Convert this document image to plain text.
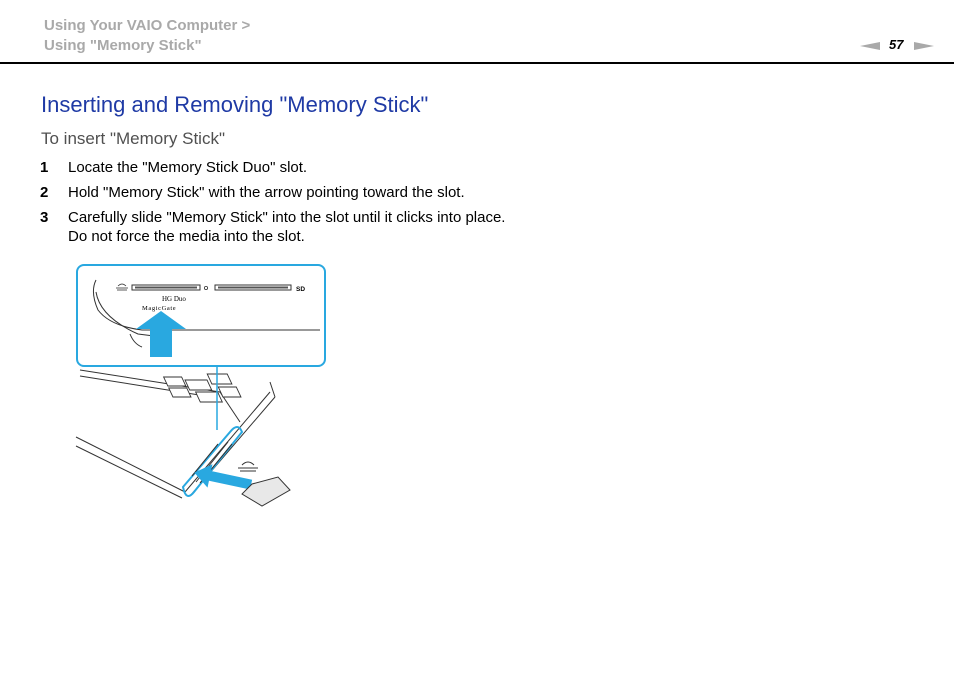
Using Your VAIO Computer >
Using "Memory Stick"	57
Inserting and Removing "Memory Stick"
To insert "Memory Stick"
1 Locate the "Memory Stick Duo" slot.
2 Hold "Memory Stick" with the arrow pointing toward the slot.
3 Carefully slide "Memory Stick" into the slot until it clicks into place.
Do not force the media into the slot.
HG Duo
MagicGate
SD
